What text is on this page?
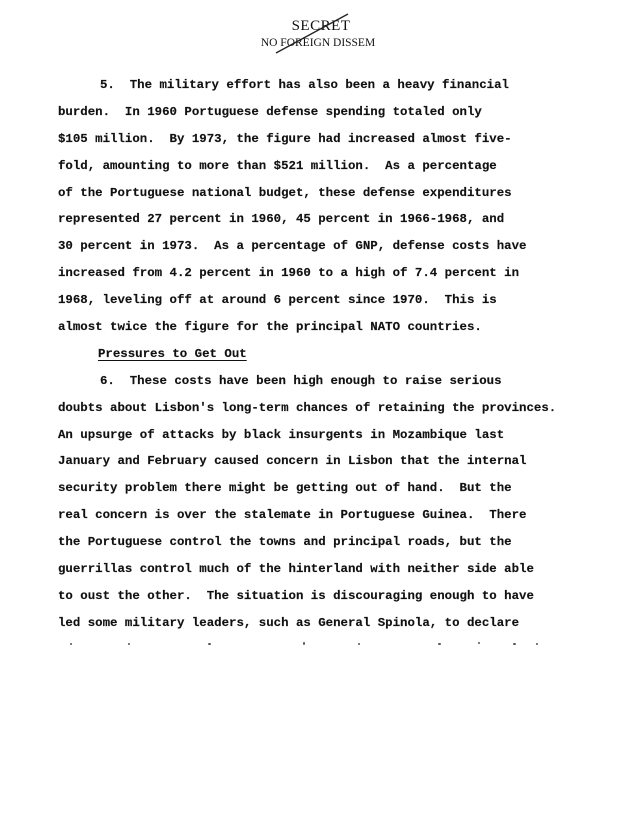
SECRET
NO FOREIGN DISSEM
5.  The military effort has also been a heavy financial
burden.  In 1960 Portuguese defense spending totaled only
$105 million.  By 1973, the figure had increased almost five-
fold, amounting to more than $521 million.  As a percentage
of the Portuguese national budget, these defense expenditures
represented 27 percent in 1960, 45 percent in 1966-1968, and
30 percent in 1973.  As a percentage of GNP, defense costs have
increased from 4.2 percent in 1960 to a high of 7.4 percent in
1968, leveling off at around 6 percent since 1970.  This is
almost twice the figure for the principal NATO countries.
Pressures to Get Out
6.  These costs have been high enough to raise serious
doubts about Lisbon's long-term chances of retaining the provinces.
An upsurge of attacks by black insurgents in Mozambique last
January and February caused concern in Lisbon that the internal
security problem there might be getting out of hand.  But the
real concern is over the stalemate in Portuguese Guinea.  There
the Portuguese control the towns and principal roads, but the
guerrillas control much of the hinterland with neither side able
to oust the other.  The situation is discouraging enough to have
led some military leaders, such as General Spinola, to declare
